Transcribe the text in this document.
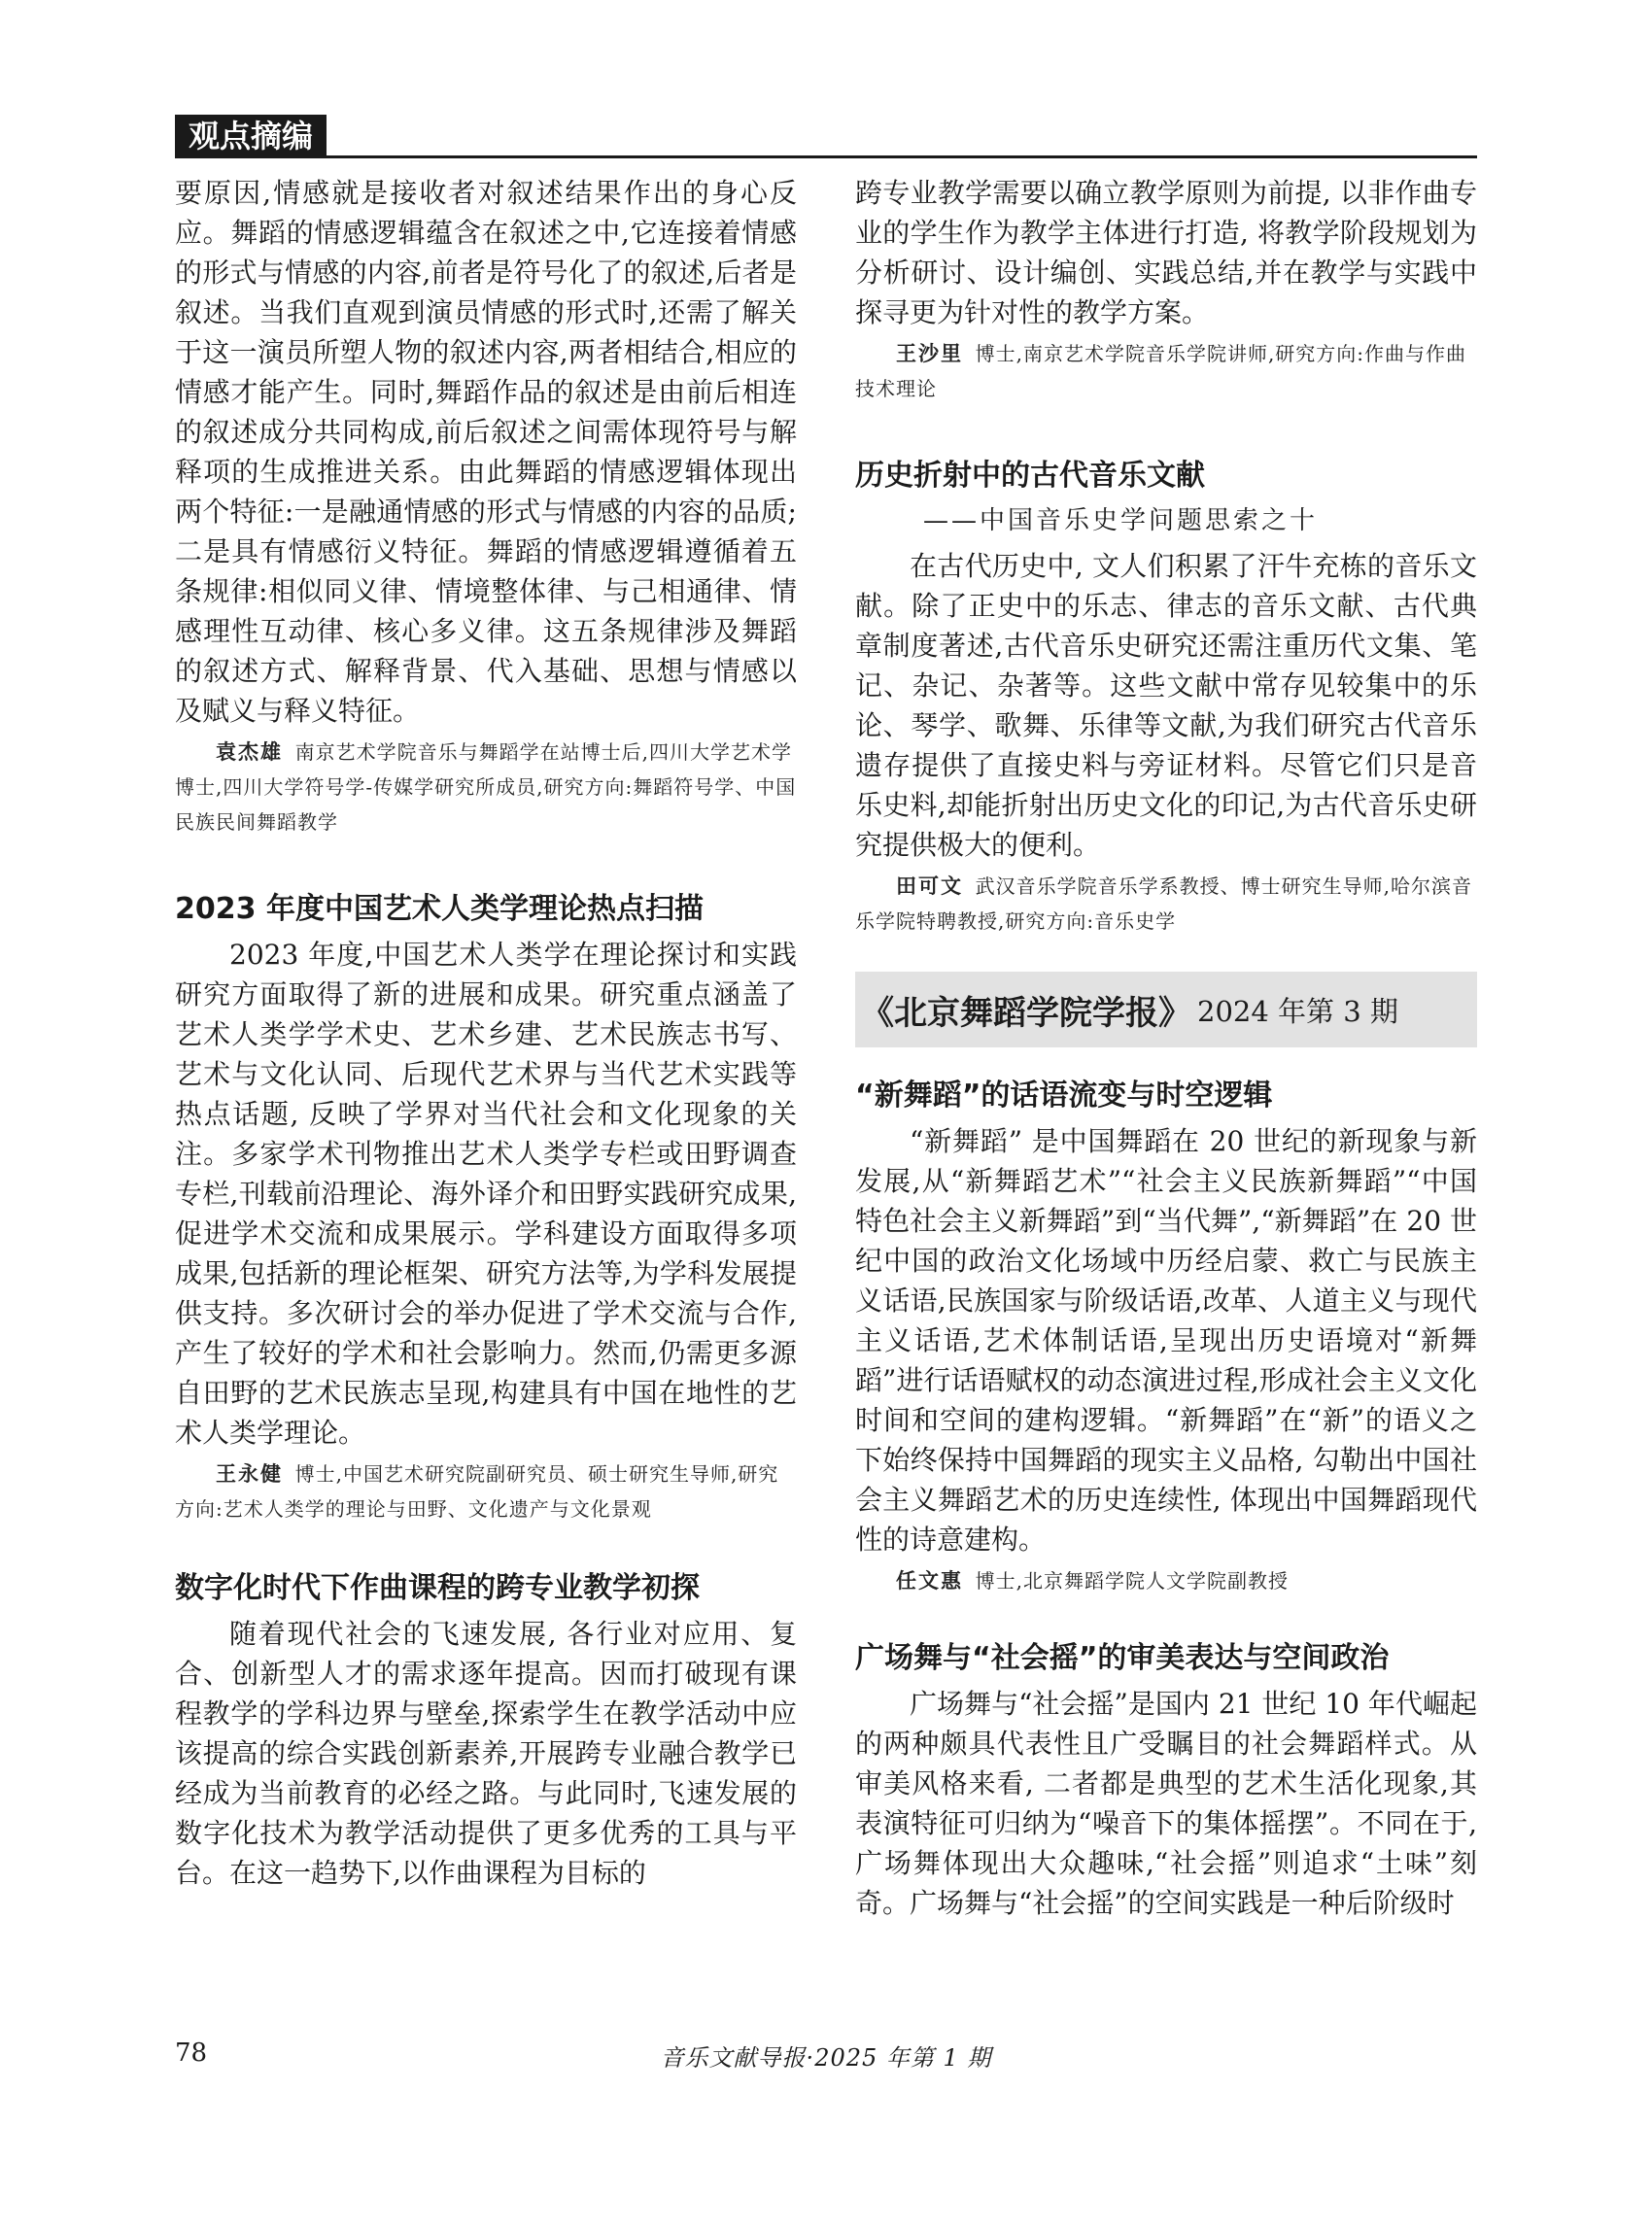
观点摘编

要原因,情感就是接收者对叙述结果作出的身心反应。舞蹈的情感逻辑蕴含在叙述之中,它连接着情感的形式与情感的内容,前者是符号化了的叙述,后者是叙述。当我们直观到演员情感的形式时,还需了解关于这一演员所塑人物的叙述内容,两者相结合,相应的情感才能产生。同时,舞蹈作品的叙述是由前后相连的叙述成分共同构成,前后叙述之间需体现符号与解释项的生成推进关系。由此舞蹈的情感逻辑体现出两个特征:一是融通情感的形式与情感的内容的品质;二是具有情感衍义特征。舞蹈的情感逻辑遵循着五条规律:相似同义律、情境整体律、与己相通律、情感理性互动律、核心多义律。这五条规律涉及舞蹈的叙述方式、解释背景、代入基础、思想与情感以及赋义与释义特征。

袁杰雄 南京艺术学院音乐与舞蹈学在站博士后,四川大学艺术学博士,四川大学符号学-传媒学研究所成员,研究方向:舞蹈符号学、中国民族民间舞蹈教学
2023 年度中国艺术人类学理论热点扫描

2023 年度,中国艺术人类学在理论探讨和实践研究方面取得了新的进展和成果。研究重点涵盖了艺术人类学学术史、艺术乡建、艺术民族志书写、艺术与文化认同、后现代艺术界与当代艺术实践等热点话题, 反映了学界对当代社会和文化现象的关注。多家学术刊物推出艺术人类学专栏或田野调查专栏,刊载前沿理论、海外译介和田野实践研究成果,促进学术交流和成果展示。学科建设方面取得多项成果,包括新的理论框架、研究方法等,为学科发展提供支持。多次研讨会的举办促进了学术交流与合作,产生了较好的学术和社会影响力。然而,仍需更多源自田野的艺术民族志呈现,构建具有中国在地性的艺术人类学理论。

王永健 博士,中国艺术研究院副研究员、硕士研究生导师,研究方向:艺术人类学的理论与田野、文化遗产与文化景观
数字化时代下作曲课程的跨专业教学初探

随着现代社会的飞速发展, 各行业对应用、复合、创新型人才的需求逐年提高。因而打破现有课程教学的学科边界与壁垒,探索学生在教学活动中应该提高的综合实践创新素养,开展跨专业融合教学已经成为当前教育的必经之路。与此同时,飞速发展的数字化技术为教学活动提供了更多优秀的工具与平台。在这一趋势下,以作曲课程为目标的

跨专业教学需要以确立教学原则为前提, 以非作曲专业的学生作为教学主体进行打造, 将教学阶段规划为分析研讨、设计编创、实践总结,并在教学与实践中探寻更为针对性的教学方案。

王沙里 博士,南京艺术学院音乐学院讲师,研究方向:作曲与作曲技术理论
历史折射中的古代音乐文献
——中国音乐史学问题思索之十

在古代历史中, 文人们积累了汗牛充栋的音乐文献。除了正史中的乐志、律志的音乐文献、古代典章制度著述,古代音乐史研究还需注重历代文集、笔记、杂记、杂著等。这些文献中常存见较集中的乐论、琴学、歌舞、乐律等文献,为我们研究古代音乐遗存提供了直接史料与旁证材料。尽管它们只是音乐史料,却能折射出历史文化的印记,为古代音乐史研究提供极大的便利。

田可文 武汉音乐学院音乐学系教授、博士研究生导师,哈尔滨音乐学院特聘教授,研究方向:音乐史学
《北京舞蹈学院学报》 2024 年第 3 期
“新舞蹈”的话语流变与时空逻辑

“新舞蹈” 是中国舞蹈在 20 世纪的新现象与新发展,从“新舞蹈艺术”“社会主义民族新舞蹈”“中国特色社会主义新舞蹈”到“当代舞”,“新舞蹈”在 20 世纪中国的政治文化场域中历经启蒙、救亡与民族主义话语,民族国家与阶级话语,改革、人道主义与现代主义话语,艺术体制话语,呈现出历史语境对“新舞蹈”进行话语赋权的动态演进过程,形成社会主义文化时间和空间的建构逻辑。“新舞蹈”在“新”的语义之下始终保持中国舞蹈的现实主义品格, 勾勒出中国社会主义舞蹈艺术的历史连续性, 体现出中国舞蹈现代性的诗意建构。

任文惠 博士,北京舞蹈学院人文学院副教授
广场舞与“社会摇”的审美表达与空间政治

广场舞与“社会摇”是国内 21 世纪 10 年代崛起的两种颇具代表性且广受瞩目的社会舞蹈样式。从审美风格来看, 二者都是典型的艺术生活化现象,其表演特征可归纳为“噪音下的集体摇摆”。不同在于,广场舞体现出大众趣味,“社会摇”则追求“土味”刻奇。广场舞与“社会摇”的空间实践是一种后阶级时

78	音乐文献导报·2025 年第 1 期
